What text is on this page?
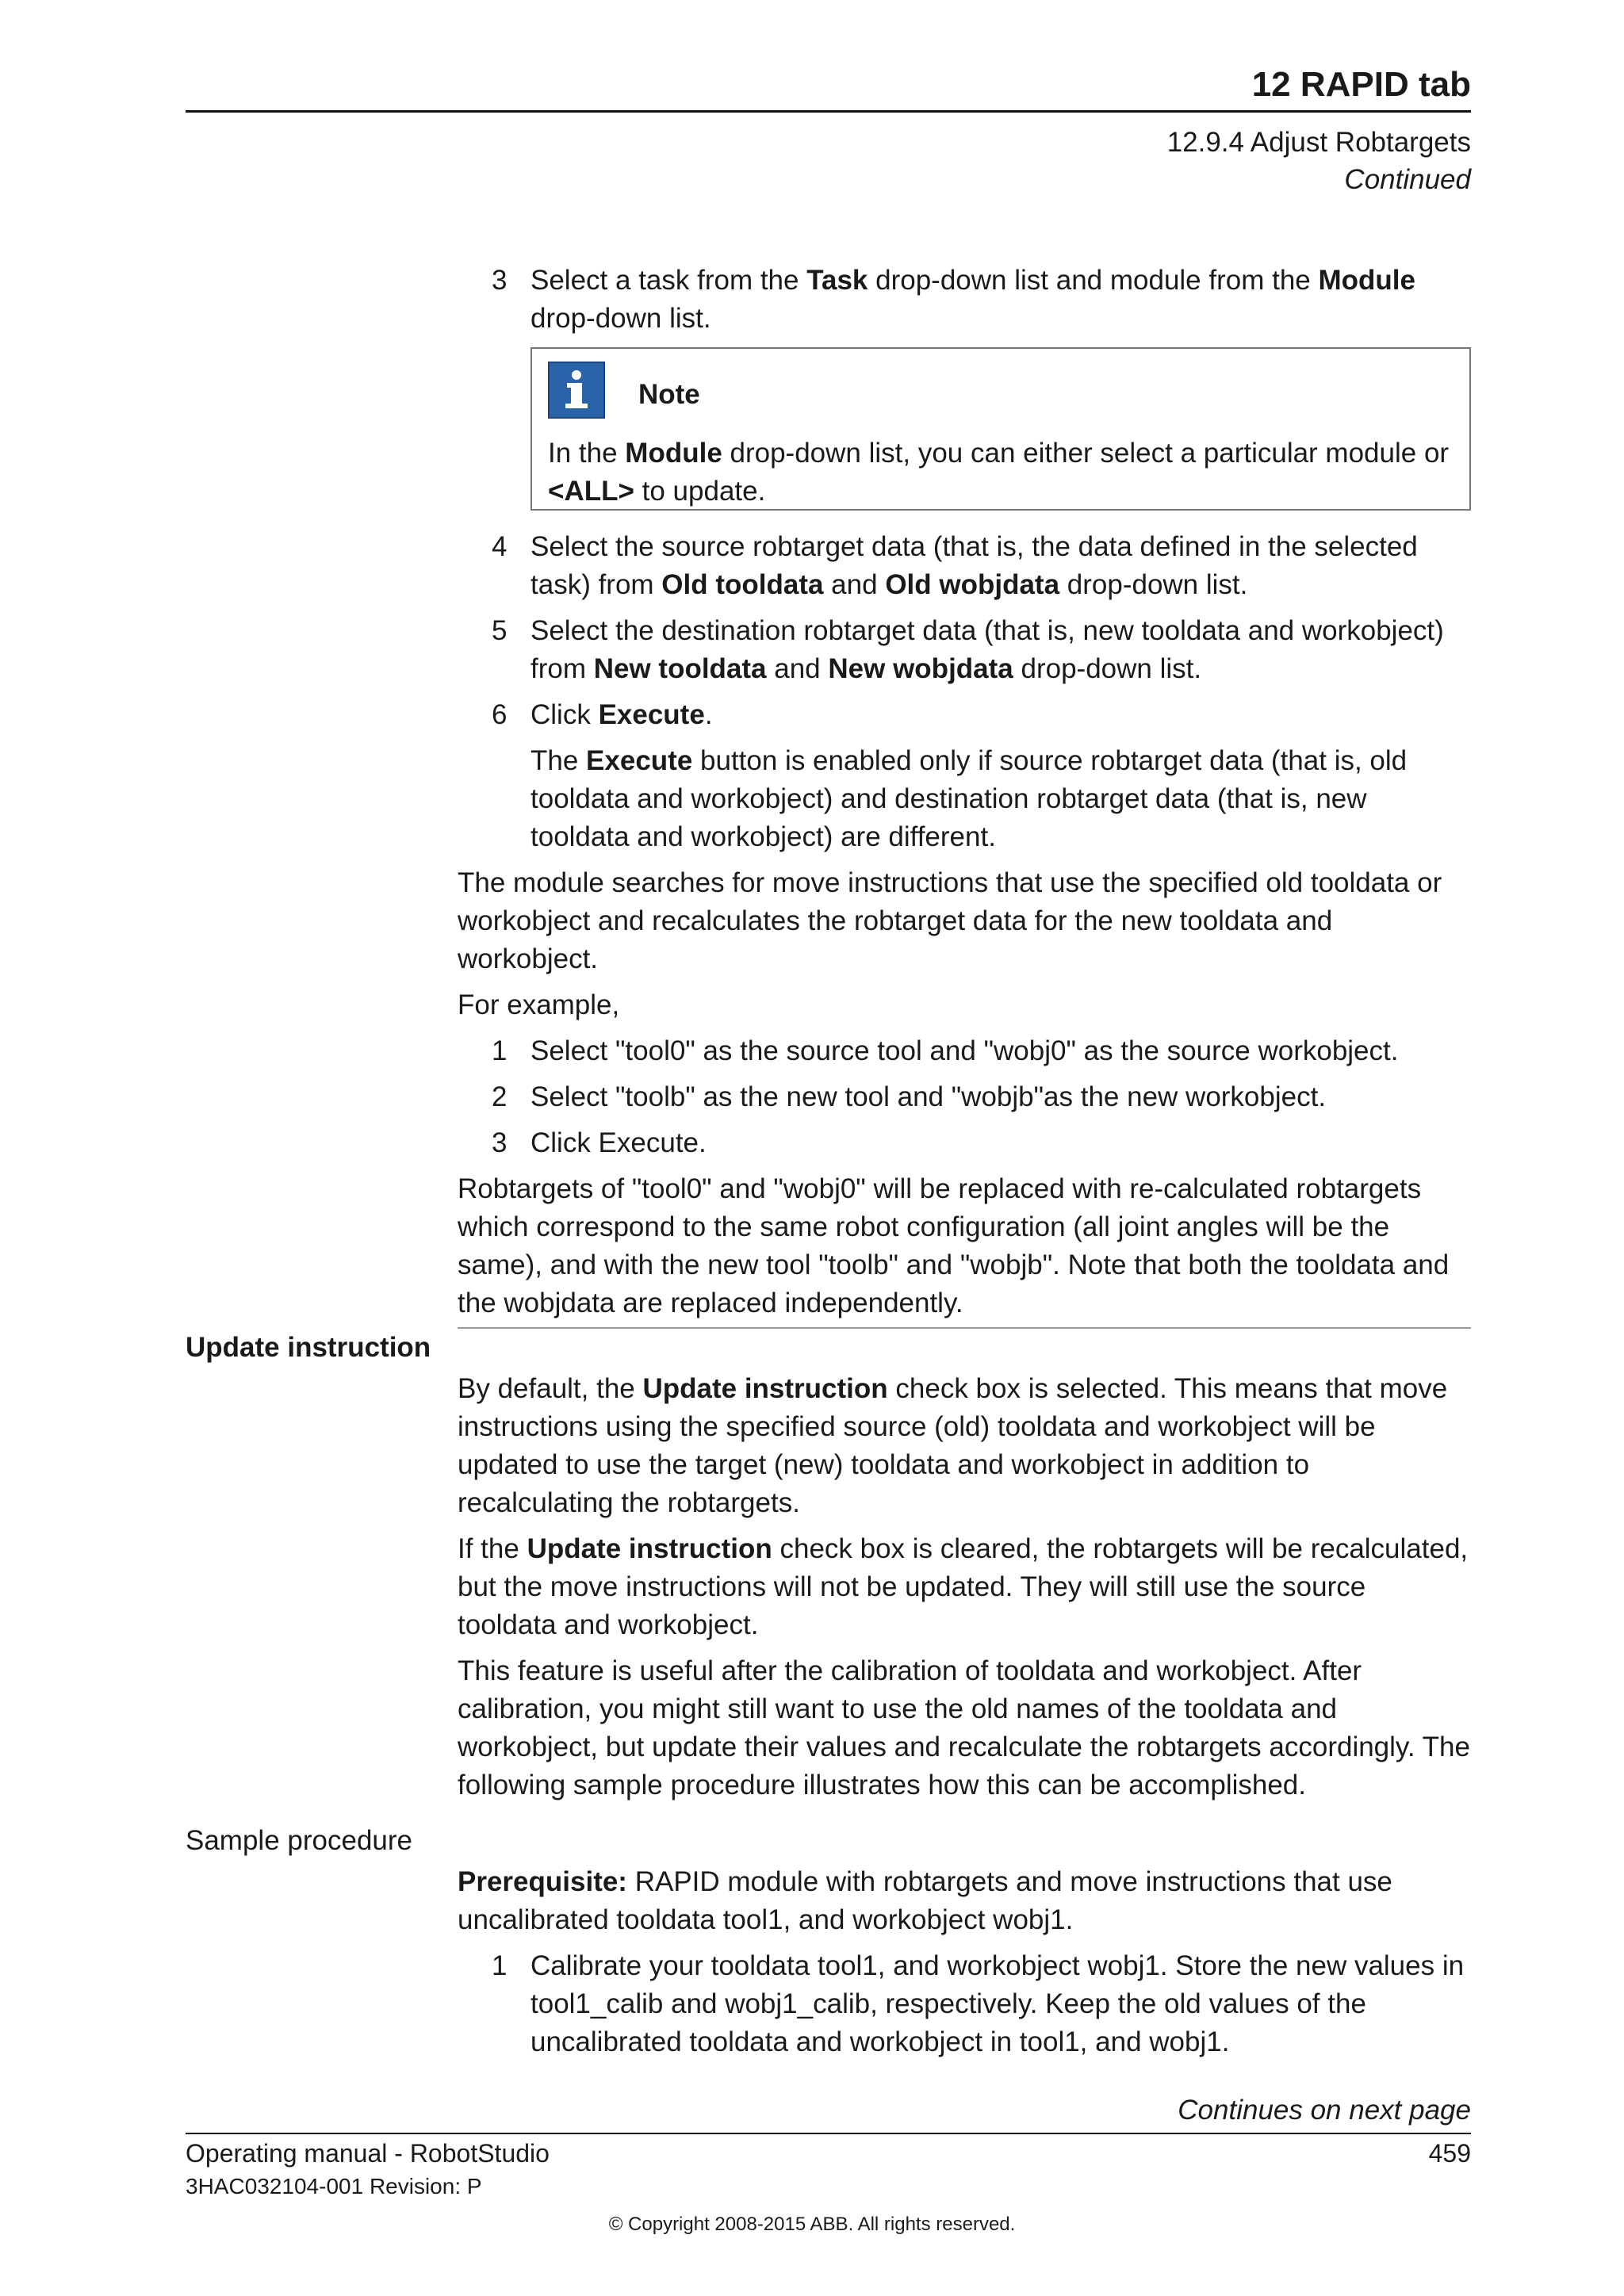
12 RAPID tab
12.9.4 Adjust Robtargets
Continued
3 Select a task from the Task drop-down list and module from the Module drop-down list.
Note
In the Module drop-down list, you can either select a particular module or <ALL> to update.
4 Select the source robtarget data (that is, the data defined in the selected task) from Old tooldata and Old wobjdata drop-down list.
5 Select the destination robtarget data (that is, new tooldata and workobject) from New tooldata and New wobjdata drop-down list.
6 Click Execute.
The Execute button is enabled only if source robtarget data (that is, old tooldata and workobject) and destination robtarget data (that is, new tooldata and workobject) are different.

The module searches for move instructions that use the specified old tooldata or workobject and recalculates the robtarget data for the new tooldata and workobject.

For example,

1 Select "tool0" as the source tool and "wobj0" as the source workobject.
2 Select "toolb" as the new tool and "wobjb"as the new workobject.
3 Click Execute.

Robtargets of "tool0" and "wobj0" will be replaced with re-calculated robtargets which correspond to the same robot configuration (all joint angles will be the same), and with the new tool "toolb" and "wobjb". Note that both the tooldata and the wobjdata are replaced independently.

Update instruction

By default, the Update instruction check box is selected. This means that move instructions using the specified source (old) tooldata and workobject will be updated to use the target (new) tooldata and workobject in addition to recalculating the robtargets.

If the Update instruction check box is cleared, the robtargets will be recalculated, but the move instructions will not be updated. They will still use the source tooldata and workobject.

This feature is useful after the calibration of tooldata and workobject. After calibration, you might still want to use the old names of the tooldata and workobject, but update their values and recalculate the robtargets accordingly. The following sample procedure illustrates how this can be accomplished.

Sample procedure

Prerequisite: RAPID module with robtargets and move instructions that use uncalibrated tooldata tool1, and workobject wobj1.

1 Calibrate your tooldata tool1, and workobject wobj1. Store the new values in tool1_calib and wobj1_calib, respectively. Keep the old values of the uncalibrated tooldata and workobject in tool1, and wobj1.
Continues on next page
Operating manual - RobotStudio	459
3HAC032104-001 Revision: P
© Copyright 2008-2015 ABB. All rights reserved.
